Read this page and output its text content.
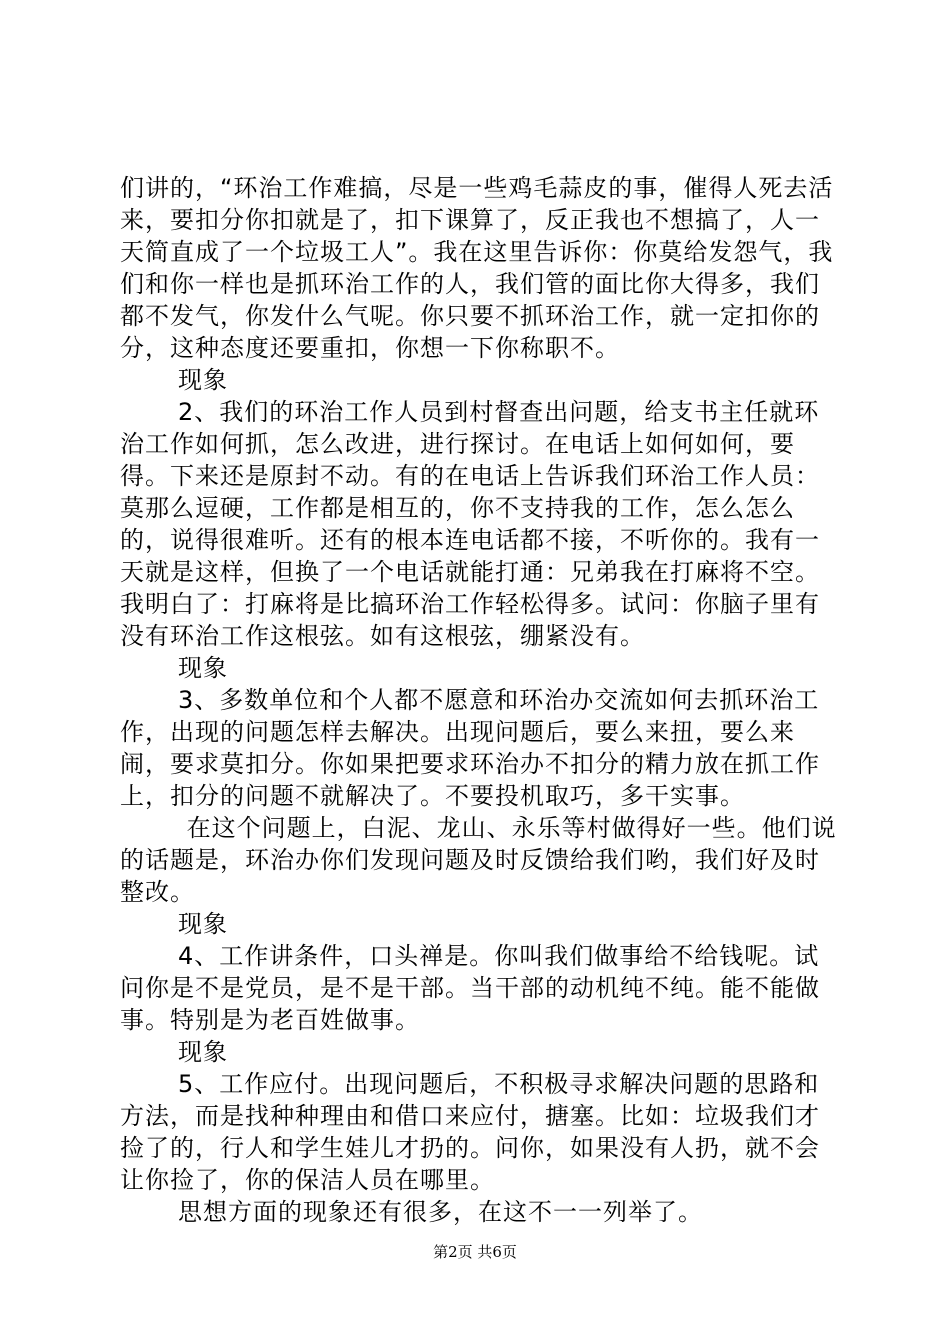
们讲的，“环治工作难搞，尽是一些鸡毛蒜皮的事，催得人死去活来，要扣分你扣就是了，扣下课算了，反正我也不想搞了，人一天简直成了一个垃圾工人”。我在这里告诉你：你莫给发怨气，我们和你一样也是抓环治工作的人，我们管的面比你大得多，我们都不发气，你发什么气呢。你只要不抓环治工作，就一定扣你的分，这种态度还要重扣，你想一下你称职不。

现象

2、我们的环治工作人员到村督查出问题，给支书主任就环治工作如何抓，怎么改进，进行探讨。在电话上如何如何，要得。下来还是原封不动。有的在电话上告诉我们环治工作人员：莫那么逗硬，工作都是相互的，你不支持我的工作，怎么怎么的，说得很难听。还有的根本连电话都不接，不听你的。我有一天就是这样，但换了一个电话就能打通：兄弟我在打麻将不空。我明白了：打麻将是比搞环治工作轻松得多。试问：你脑子里有没有环治工作这根弦。如有这根弦，绷紧没有。

现象

3、多数单位和个人都不愿意和环治办交流如何去抓环治工作，出现的问题怎样去解决。出现问题后，要么来扭，要么来闹，要求莫扣分。你如果把要求环治办不扣分的精力放在抓工作上，扣分的问题不就解决了。不要投机取巧，多干实事。

在这个问题上，白泥、龙山、永乐等村做得好一些。他们说的话题是，环治办你们发现问题及时反馈给我们哟，我们好及时整改。

现象

4、工作讲条件，口头禅是。你叫我们做事给不给钱呢。试问你是不是党员，是不是干部。当干部的动机纯不纯。能不能做事。特别是为老百姓做事。

现象

5、工作应付。出现问题后，不积极寻求解决问题的思路和方法，而是找种种理由和借口来应付，搪塞。比如：垃圾我们才捡了的，行人和学生娃儿才扔的。问你，如果没有人扔，就不会让你捡了，你的保洁人员在哪里。

思想方面的现象还有很多，在这不一一列举了。

第2页 共6页
